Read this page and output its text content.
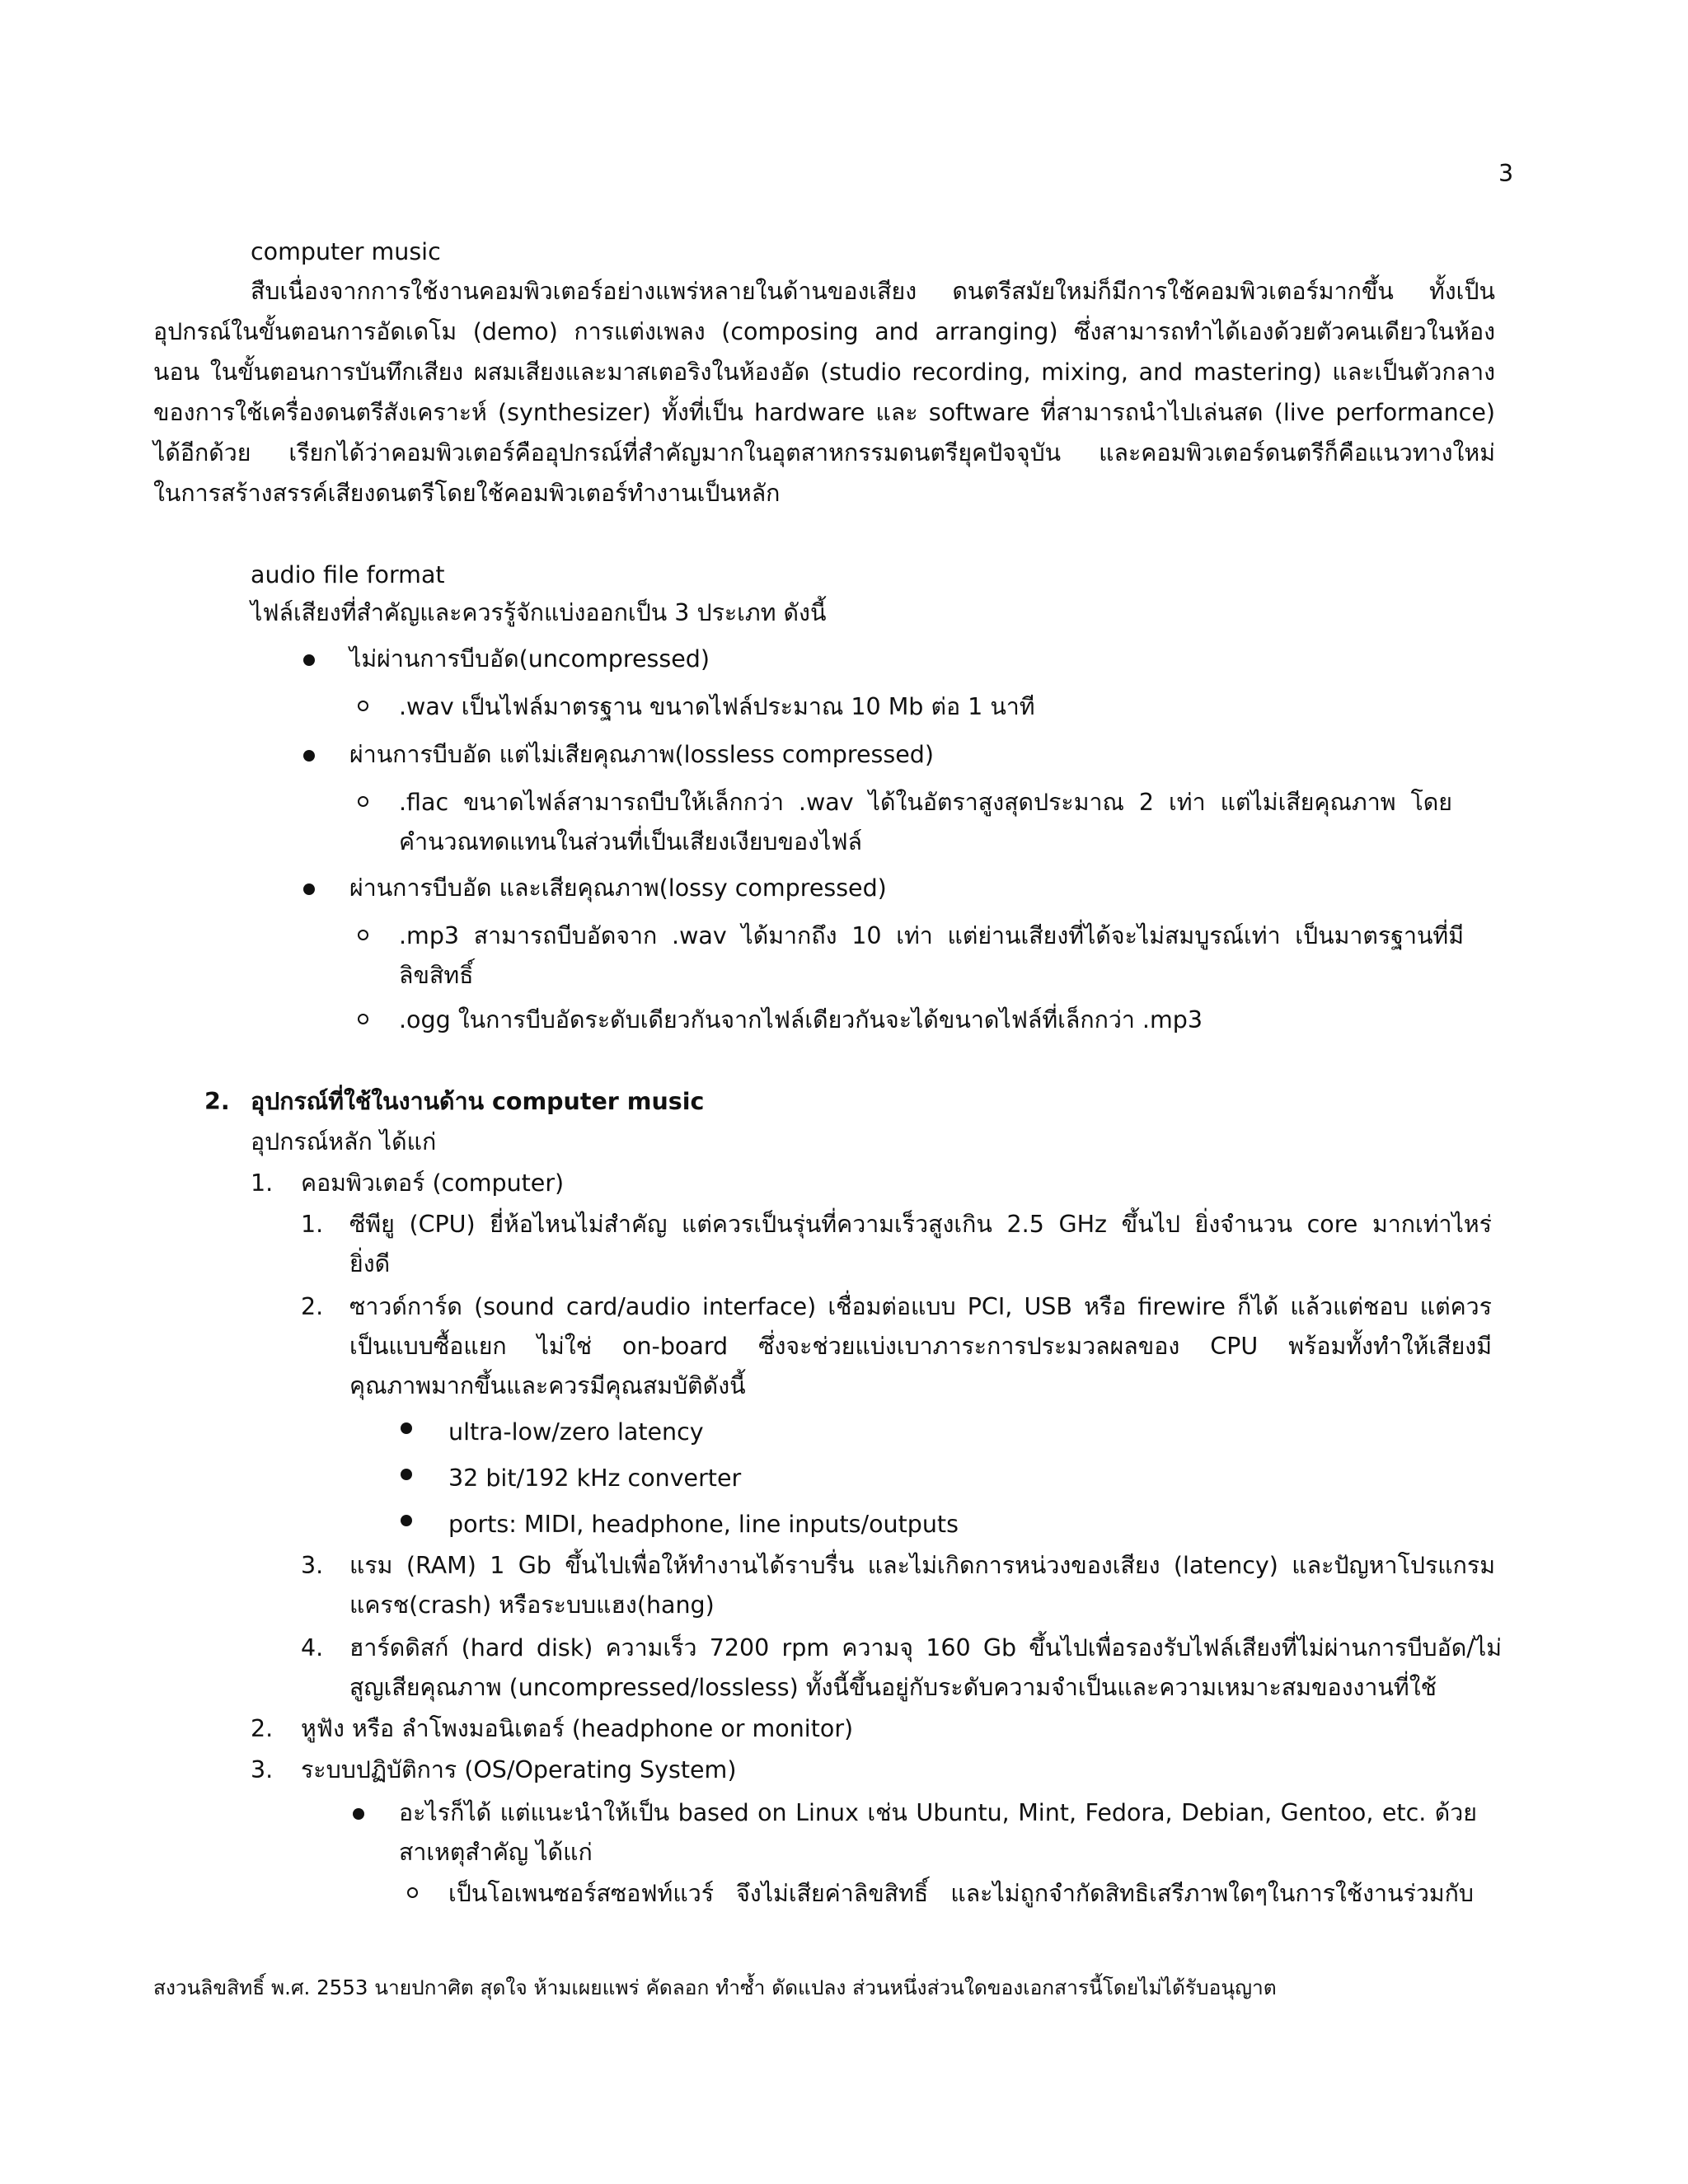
3
computer music
สืบเนื่องจากการใช้งานคอมพิวเตอร์อย่างแพร่หลายในด้านของเสียง ดนตรีสมัยใหม่ก็มีการใช้คอมพิวเตอร์มากขึ้น ทั้งเป็น
อุปกรณ์ในขั้นตอนการอัดเดโม (demo) การแต่งเพลง (composing and arranging) ซึ่งสามารถทำได้เองด้วยตัวคนเดียวในห้อง
นอน ในขั้นตอนการบันทึกเสียง ผสมเสียงและมาสเตอริงในห้องอัด (studio recording, mixing, and mastering) และเป็นตัวกลาง
ของการใช้เครื่องดนตรีสังเคราะห์ (synthesizer) ทั้งที่เป็น hardware และ software ที่สามารถนำไปเล่นสด (live performance)
ได้อีกด้วย เรียกได้ว่าคอมพิวเตอร์คืออุปกรณ์ที่สำคัญมากในอุตสาหกรรมดนตรียุคปัจจุบัน และคอมพิวเตอร์ดนตรีก็คือแนวทางใหม่
ในการสร้างสรรค์เสียงดนตรีโดยใช้คอมพิวเตอร์ทำงานเป็นหลัก
audio file format
ไฟล์เสียงที่สำคัญและควรรู้จักแบ่งออกเป็น 3 ประเภท ดังนี้
ไม่ผ่านการบีบอัด(uncompressed)
.wav เป็นไฟล์มาตรฐาน ขนาดไฟล์ประมาณ 10 Mb ต่อ 1 นาที
ผ่านการบีบอัด แต่ไม่เสียคุณภาพ(lossless compressed)
.flac ขนาดไฟล์สามารถบีบให้เล็กกว่า .wav ได้ในอัตราสูงสุดประมาณ 2 เท่า แต่ไม่เสียคุณภาพ โดย
คำนวณทดแทนในส่วนที่เป็นเสียงเงียบของไฟล์
ผ่านการบีบอัด และเสียคุณภาพ(lossy compressed)
.mp3 สามารถบีบอัดจาก .wav ได้มากถึง 10 เท่า แต่ย่านเสียงที่ได้จะไม่สมบูรณ์เท่า เป็นมาตรฐานที่มี
ลิขสิทธิ์
.ogg ในการบีบอัดระดับเดียวกันจากไฟล์เดียวกันจะได้ขนาดไฟล์ที่เล็กกว่า .mp3
2. อุปกรณ์ที่ใช้ในงานด้าน computer music
อุปกรณ์หลัก ได้แก่
1. คอมพิวเตอร์ (computer)
1. ซีพียู (CPU) ยี่ห้อไหนไม่สำคัญ แต่ควรเป็นรุ่นที่ความเร็วสูงเกิน 2.5 GHz ขึ้นไป ยิ่งจำนวน core มากเท่าไหร่
ยิ่งดี
2. ซาวด์การ์ด (sound card/audio interface) เชื่อมต่อแบบ PCI, USB หรือ firewire ก็ได้ แล้วแต่ชอบ แต่ควร
เป็นแบบซื้อแยก ไม่ใช่ on-board ซึ่งจะช่วยแบ่งเบาภาระการประมวลผลของ CPU พร้อมทั้งทำให้เสียงมี
คุณภาพมากขึ้นและควรมีคุณสมบัติดังนี้
ultra-low/zero latency
32 bit/192 kHz converter
ports: MIDI, headphone, line inputs/outputs
3. แรม (RAM) 1 Gb ขึ้นไปเพื่อให้ทำงานได้ราบรื่น และไม่เกิดการหน่วงของเสียง (latency) และปัญหาโปรแกรม
แครช(crash) หรือระบบแฮง(hang)
4. ฮาร์ดดิสก์ (hard disk) ความเร็ว 7200 rpm ความจุ 160 Gb ขึ้นไปเพื่อรองรับไฟล์เสียงที่ไม่ผ่านการบีบอัด/ไม่
สูญเสียคุณภาพ (uncompressed/lossless) ทั้งนี้ขึ้นอยู่กับระดับความจำเป็นและความเหมาะสมของงานที่ใช้
2. หูฟัง หรือ ลำโพงมอนิเตอร์ (headphone or monitor)
3. ระบบปฏิบัติการ (OS/Operating System)
อะไรก็ได้ แต่แนะนำให้เป็น based on Linux เช่น Ubuntu, Mint, Fedora, Debian, Gentoo, etc. ด้วย
สาเหตุสำคัญ ได้แก่
เป็นโอเพนซอร์สซอฟท์แวร์ จึงไม่เสียค่าลิขสิทธิ์ และไม่ถูกจำกัดสิทธิเสรีภาพใดๆในการใช้งานร่วมกับ
สงวนลิขสิทธิ์ พ.ศ. 2553 นายปกาศิต สุดใจ ห้ามเผยแพร่ คัดลอก ทำซ้ำ ดัดแปลง ส่วนหนึ่งส่วนใดของเอกสารนี้โดยไม่ได้รับอนุญาต
